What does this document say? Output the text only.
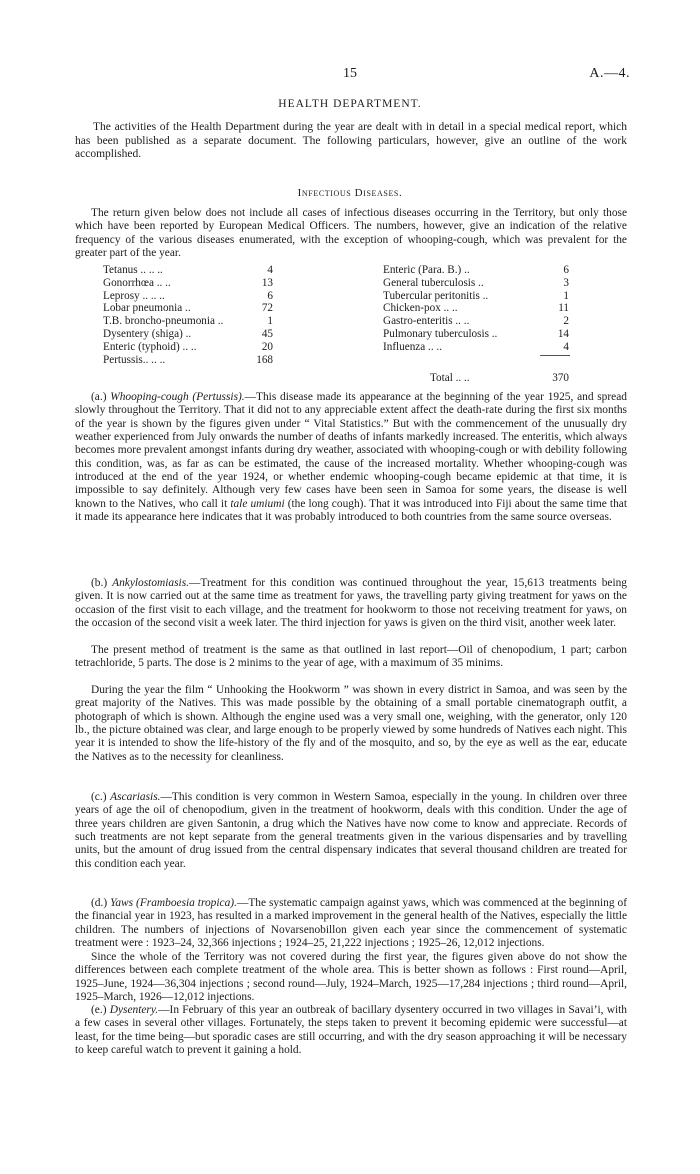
15	A.—4.
HEALTH DEPARTMENT.

The activities of the Health Department during the year are dealt with in detail in a special medical report, which has been published as a separate document. The following particulars, however, give an outline of the work accomplished.

Infectious Diseases.

The return given below does not include all cases of infectious diseases occurring in the Territory, but only those which have been reported by European Medical Officers. The numbers, however, give an indication of the relative frequency of the various diseases enumerated, with the exception of whooping-cough, which was prevalent for the greater part of the year.

Tetanus .. .. ..	4
Gonorrhœa .. ..	13
Leprosy .. .. ..	6
Lobar pneumonia ..	72
T.B. broncho-pneumonia ..	1
Dysentery (shiga) ..	45
Enteric (typhoid) .. ..	20
Pertussis.. .. ..	168
Enteric (Para. B.) ..	6
General tuberculosis ..	3
Tubercular peritonitis ..	1
Chicken-pox .. ..	11
Gastro-enteritis .. ..	2
Pulmonary tuberculosis ..	14
Influenza .. ..	4
Total .. ..	370

(a.) Whooping-cough (Pertussis).—This disease made its appearance at the beginning of the year 1925, and spread slowly throughout the Territory. That it did not to any appreciable extent affect the death-rate during the first six months of the year is shown by the figures given under “ Vital Statistics.” But with the commencement of the unusually dry weather experienced from July onwards the number of deaths of infants markedly increased. The enteritis, which always becomes more prevalent amongst infants during dry weather, associated with whooping-cough or with debility following this condition, was, as far as can be estimated, the cause of the increased mortality. Whether whooping-cough was introduced at the end of the year 1924, or whether endemic whooping-cough became epidemic at that time, it is impossible to say definitely. Although very few cases have been seen in Samoa for some years, the disease is well known to the Natives, who call it tale umiumi (the long cough). That it was introduced into Fiji about the same time that it made its appearance here indicates that it was probably introduced to both countries from the same source overseas.

(b.) Ankylostomiasis.—Treatment for this condition was continued throughout the year, 15,613 treatments being given. It is now carried out at the same time as treatment for yaws, the travelling party giving treatment for yaws on the occasion of the first visit to each village, and the treatment for hookworm to those not receiving treatment for yaws, on the occasion of the second visit a week later. The third injection for yaws is given on the third visit, another week later.

The present method of treatment is the same as that outlined in last report—Oil of chenopodium, 1 part; carbon tetrachloride, 5 parts. The dose is 2 minims to the year of age, with a maximum of 35 minims.

During the year the film “ Unhooking the Hookworm ” was shown in every district in Samoa, and was seen by the great majority of the Natives. This was made possible by the obtaining of a small portable cinematograph outfit, a photograph of which is shown. Although the engine used was a very small one, weighing, with the generator, only 120 lb., the picture obtained was clear, and large enough to be properly viewed by some hundreds of Natives each night. This year it is intended to show the life-history of the fly and of the mosquito, and so, by the eye as well as the ear, educate the Natives as to the necessity for cleanliness.

(c.) Ascariasis.—This condition is very common in Western Samoa, especially in the young. In children over three years of age the oil of chenopodium, given in the treatment of hookworm, deals with this condition. Under the age of three years children are given Santonin, a drug which the Natives have now come to know and appreciate. Records of such treatments are not kept separate from the general treatments given in the various dispensaries and by travelling units, but the amount of drug issued from the central dispensary indicates that several thousand children are treated for this condition each year.

(d.) Yaws (Framboesia tropica).—The systematic campaign against yaws, which was commenced at the beginning of the financial year in 1923, has resulted in a marked improvement in the general health of the Natives, especially the little children. The numbers of injections of Novarsenobillon given each year since the commencement of systematic treatment were : 1923–24, 32,366 injections ; 1924–25, 21,222 injections ; 1925–26, 12,012 injections.

Since the whole of the Territory was not covered during the first year, the figures given above do not show the differences between each complete treatment of the whole area. This is better shown as follows : First round—April, 1925–June, 1924—36,304 injections ; second round—July, 1924–March, 1925—17,284 injections ; third round—April, 1925–March, 1926—12,012 injections.

(e.) Dysentery.—In February of this year an outbreak of bacillary dysentery occurred in two villages in Savai’i, with a few cases in several other villages. Fortunately, the steps taken to prevent it becoming epidemic were successful—at least, for the time being—but sporadic cases are still occurring, and with the dry season approaching it will be necessary to keep careful watch to prevent it gaining a hold.
